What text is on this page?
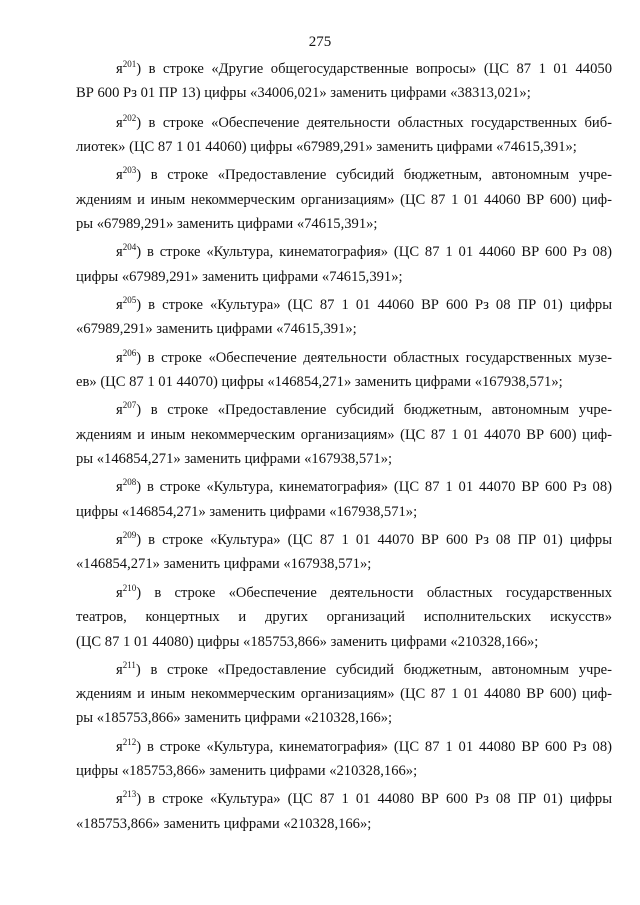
275
$я^{201}$) в строке «Другие общегосударственные вопросы» (ЦС 87 1 01 44050
ВР 600 Рз 01 ПР 13) цифры «34006,021» заменить цифрами «38313,021»;
$я^{202}$) в строке «Обеспечение деятельности областных государственных биб-
лиотек» (ЦС 87 1 01 44060) цифры «67989,291» заменить цифрами «74615,391»;
$я^{203}$) в строке «Предоставление субсидий бюджетным, автономным учре-
ждениям и иным некоммерческим организациям» (ЦС 87 1 01 44060 ВР 600) циф-
ры «67989,291» заменить цифрами «74615,391»;
$я^{204}$) в строке «Культура, кинематография» (ЦС 87 1 01 44060 ВР 600 Рз 08)
цифры «67989,291» заменить цифрами «74615,391»;
$я^{205}$) в строке «Культура» (ЦС 87 1 01 44060 ВР 600 Рз 08 ПР 01) цифры
«67989,291» заменить цифрами «74615,391»;
$я^{206}$) в строке «Обеспечение деятельности областных государственных музе-
ев» (ЦС 87 1 01 44070) цифры «146854,271» заменить цифрами «167938,571»;
$я^{207}$) в строке «Предоставление субсидий бюджетным, автономным учре-
ждениям и иным некоммерческим организациям» (ЦС 87 1 01 44070 ВР 600) циф-
ры «146854,271» заменить цифрами «167938,571»;
$я^{208}$) в строке «Культура, кинематография» (ЦС 87 1 01 44070 ВР 600 Рз 08)
цифры «146854,271» заменить цифрами «167938,571»;
$я^{209}$) в строке «Культура» (ЦС 87 1 01 44070 ВР 600 Рз 08 ПР 01) цифры
«146854,271» заменить цифрами «167938,571»;
$я^{210}$) в строке «Обеспечение деятельности областных государственных
театров, концертных и других организаций исполнительских искусств»
(ЦС 87 1 01 44080) цифры «185753,866» заменить цифрами «210328,166»;
$я^{211}$) в строке «Предоставление субсидий бюджетным, автономным учре-
ждениям и иным некоммерческим организациям» (ЦС 87 1 01 44080 ВР 600) циф-
ры «185753,866» заменить цифрами «210328,166»;
$я^{212}$) в строке «Культура, кинематография» (ЦС 87 1 01 44080 ВР 600 Рз 08)
цифры «185753,866» заменить цифрами «210328,166»;
$я^{213}$) в строке «Культура» (ЦС 87 1 01 44080 ВР 600 Рз 08 ПР 01) цифры
«185753,866» заменить цифрами «210328,166»;
